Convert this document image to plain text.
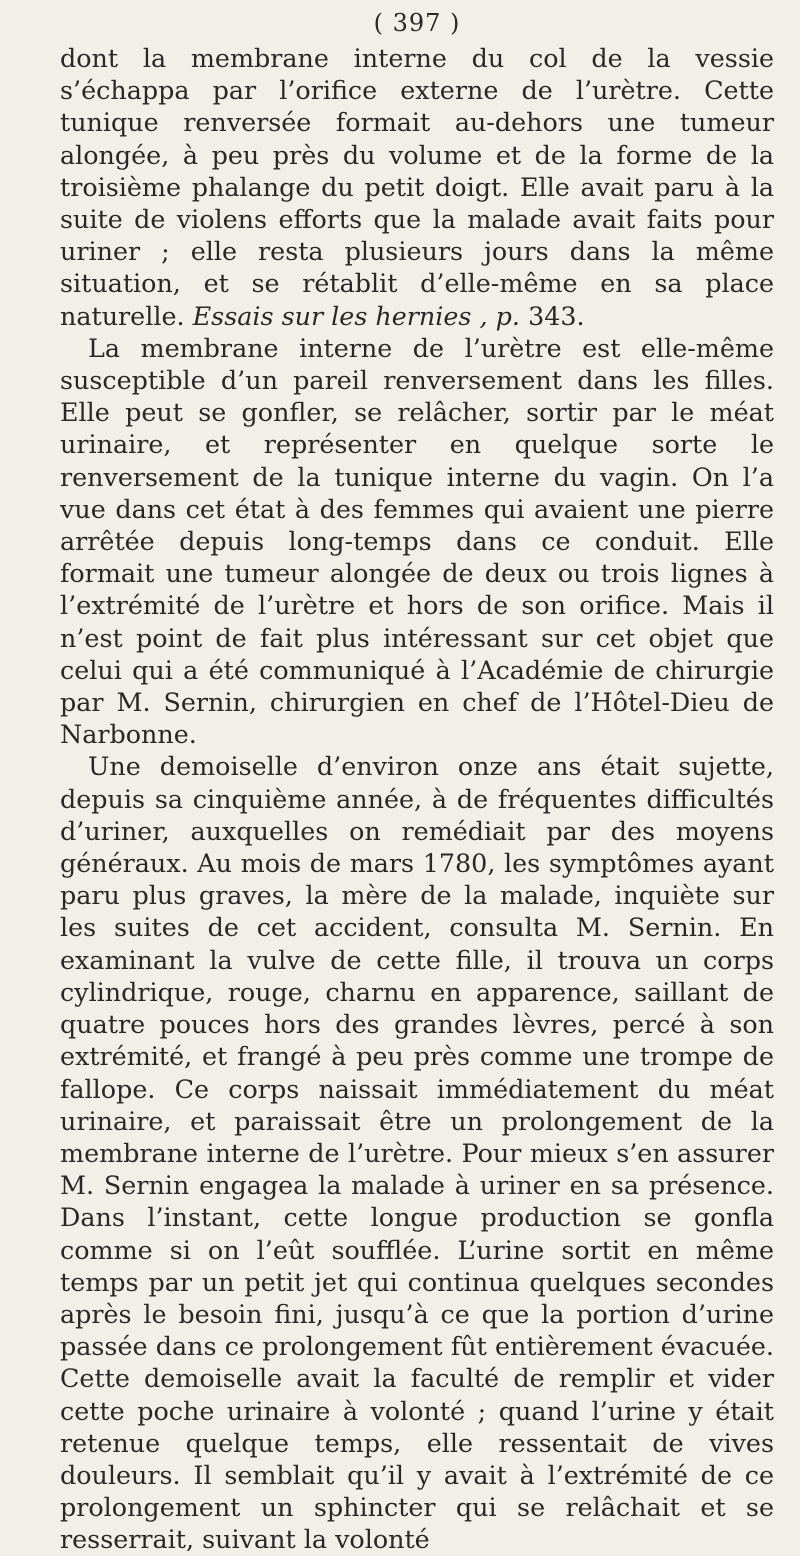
( 397 )

dont la membrane interne du col de la vessie s’échappa par l’orifice externe de l’urètre. Cette tunique renversée formait au-dehors une tumeur alongée, à peu près du volume et de la forme de la troisième phalange du petit doigt. Elle avait paru à la suite de violens efforts que la malade avait faits pour uriner ; elle resta plusieurs jours dans la même situation, et se rétablit d’elle-même en sa place naturelle. Essais sur les hernies , p. 343.

La membrane interne de l’urètre est elle-même susceptible d’un pareil renversement dans les filles. Elle peut se gonfler, se relâcher, sortir par le méat urinaire, et représenter en quelque sorte le renversement de la tunique interne du vagin. On l’a vue dans cet état à des femmes qui avaient une pierre arrêtée depuis long-temps dans ce conduit. Elle formait une tumeur alongée de deux ou trois lignes à l’extrémité de l’urètre et hors de son orifice. Mais il n’est point de fait plus intéressant sur cet objet que celui qui a été communiqué à l’Académie de chirurgie par M. Sernin, chirurgien en chef de l’Hôtel-Dieu de Narbonne.

Une demoiselle d’environ onze ans était sujette, depuis sa cinquième année, à de fréquentes difficultés d’uriner, auxquelles on remédiait par des moyens généraux. Au mois de mars 1780, les symptômes ayant paru plus graves, la mère de la malade, inquiète sur les suites de cet accident, consulta M. Sernin. En examinant la vulve de cette fille, il trouva un corps cylindrique, rouge, charnu en apparence, saillant de quatre pouces hors des grandes lèvres, percé à son extrémité, et frangé à peu près comme une trompe de fallope. Ce corps naissait immédiatement du méat urinaire, et paraissait être un prolongement de la membrane interne de l’urètre. Pour mieux s’en assurer M. Sernin engagea la malade à uriner en sa présence. Dans l’instant, cette longue production se gonfla comme si on l’eût soufflée. L’urine sortit en même temps par un petit jet qui continua quelques secondes après le besoin fini, jusqu’à ce que la portion d’urine passée dans ce prolongement fût entièrement évacuée. Cette demoiselle avait la faculté de remplir et vider cette poche urinaire à volonté ; quand l’urine y était retenue quelque temps, elle ressentait de vives douleurs. Il semblait qu’il y avait à l’extrémité de ce prolongement un sphincter qui se relâchait et se resserrait, suivant la volonté
